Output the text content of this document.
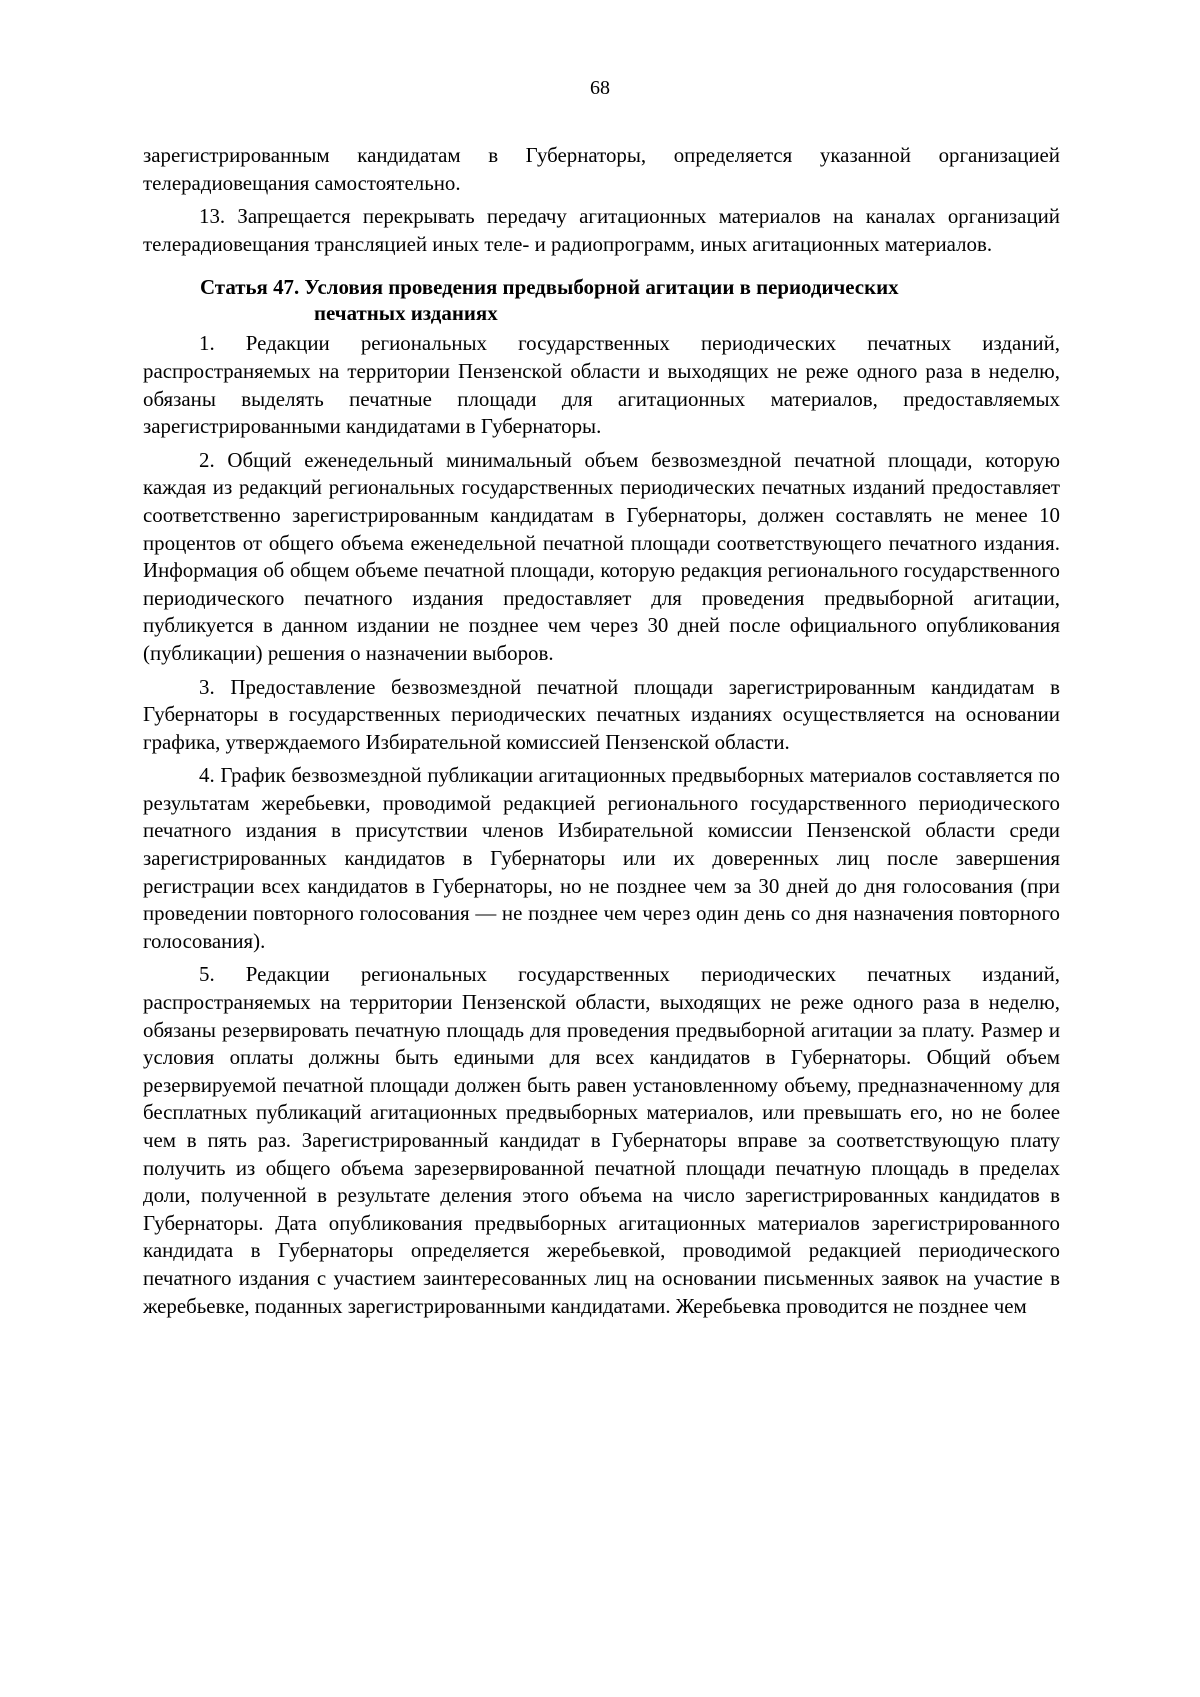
68

зарегистрированным кандидатам в Губернаторы, определяется указанной организацией телерадиовещания самостоятельно.

13. Запрещается перекрывать передачу агитационных материалов на каналах организаций телерадиовещания трансляцией иных теле- и радиопрограмм, иных агитационных материалов.

Статья 47. Условия проведения предвыборной агитации в периодических
печатных изданиях

1. Редакции региональных государственных периодических печатных изданий, распространяемых на территории Пензенской области и выходящих не реже одного раза в неделю, обязаны выделять печатные площади для агитационных материалов, предоставляемых зарегистрированными кандидатами в Губернаторы.

2. Общий еженедельный минимальный объем безвозмездной печатной площади, которую каждая из редакций региональных государственных периодических печатных изданий предоставляет соответственно зарегистрированным кандидатам в Губернаторы, должен составлять не менее 10 процентов от общего объема еженедельной печатной площади соответствующего печатного издания. Информация об общем объеме печатной площади, которую редакция регионального государственного периодического печатного издания предоставляет для проведения предвыборной агитации, публикуется в данном издании не позднее чем через 30 дней после официального опубликования (публикации) решения о назначении выборов.

3. Предоставление безвозмездной печатной площади зарегистрированным кандидатам в Губернаторы в государственных периодических печатных изданиях осуществляется на основании графика, утверждаемого Избирательной комиссией Пензенской области.

4. График безвозмездной публикации агитационных предвыборных материалов составляется по результатам жеребьевки, проводимой редакцией регионального государственного периодического печатного издания в присутствии членов Избирательной комиссии Пензенской области среди зарегистрированных кандидатов в Губернаторы или их доверенных лиц после завершения регистрации всех кандидатов в Губернаторы, но не позднее чем за 30 дней до дня голосования (при проведении повторного голосования — не позднее чем через один день со дня назначения повторного голосования).

5. Редакции региональных государственных периодических печатных изданий, распространяемых на территории Пензенской области, выходящих не реже одного раза в неделю, обязаны резервировать печатную площадь для проведения предвыборной агитации за плату. Размер и условия оплаты должны быть едиными для всех кандидатов в Губернаторы. Общий объем резервируемой печатной площади должен быть равен установленному объему, предназначенному для бесплатных публикаций агитационных предвыборных материалов, или превышать его, но не более чем в пять раз. Зарегистрированный кандидат в Губернаторы вправе за соответствующую плату получить из общего объема зарезервированной печатной площади печатную площадь в пределах доли, полученной в результате деления этого объема на число зарегистрированных кандидатов в Губернаторы. Дата опубликования предвыборных агитационных материалов зарегистрированного кандидата в Губернаторы определяется жеребьевкой, проводимой редакцией периодического печатного издания с участием заинтересованных лиц на основании письменных заявок на участие в жеребьевке, поданных зарегистрированными кандидатами. Жеребьевка проводится не позднее чем
